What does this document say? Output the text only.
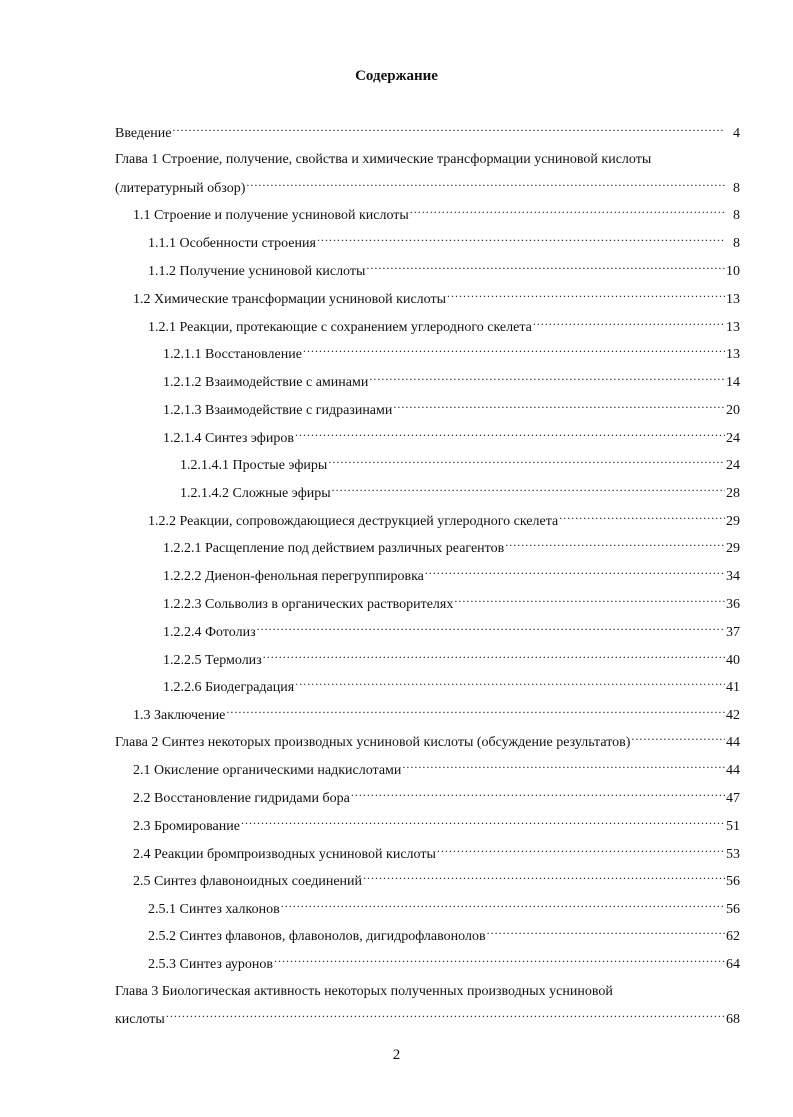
Содержание
Введение .....	4
Глава 1 Строение, получение, свойства и химические трансформации усниновой кислоты
(литературный обзор) .....	8
1.1 Строение и получение усниновой кислоты .....	8
1.1.1 Особенности строения .....	8
1.1.2 Получение усниновой кислоты .....	10
1.2 Химические трансформации усниновой кислоты .....	13
1.2.1 Реакции, протекающие с сохранением углеродного скелета .....	13
1.2.1.1 Восстановление .....	13
1.2.1.2 Взаимодействие с аминами .....	14
1.2.1.3 Взаимодействие с гидразинами .....	20
1.2.1.4 Синтез эфиров .....	24
1.2.1.4.1 Простые эфиры .....	24
1.2.1.4.2 Сложные эфиры .....	28
1.2.2 Реакции, сопровождающиеся деструкцией углеродного скелета .....	29
1.2.2.1 Расщепление под действием различных реагентов .....	29
1.2.2.2 Диенон-фенольная перегруппировка .....	34
1.2.2.3 Сольволиз в органических растворителях .....	36
1.2.2.4 Фотолиз .....	37
1.2.2.5 Термолиз .....	40
1.2.2.6 Биодеградация .....	41
1.3 Заключение .....	42
Глава 2 Синтез некоторых производных усниновой кислоты (обсуждение результатов) .....	44
2.1 Окисление органическими надкислотами .....	44
2.2 Восстановление гидридами бора .....	47
2.3 Бромирование .....	51
2.4 Реакции бромпроизводных усниновой кислоты .....	53
2.5 Синтез флавоноидных соединений .....	56
2.5.1 Синтез халконов .....	56
2.5.2 Синтез флавонов, флавонолов, дигидрофлавонолов .....	62
2.5.3 Синтез ауронов .....	64
Глава 3 Биологическая активность некоторых полученных производных усниновой
кислоты .....	68
2
